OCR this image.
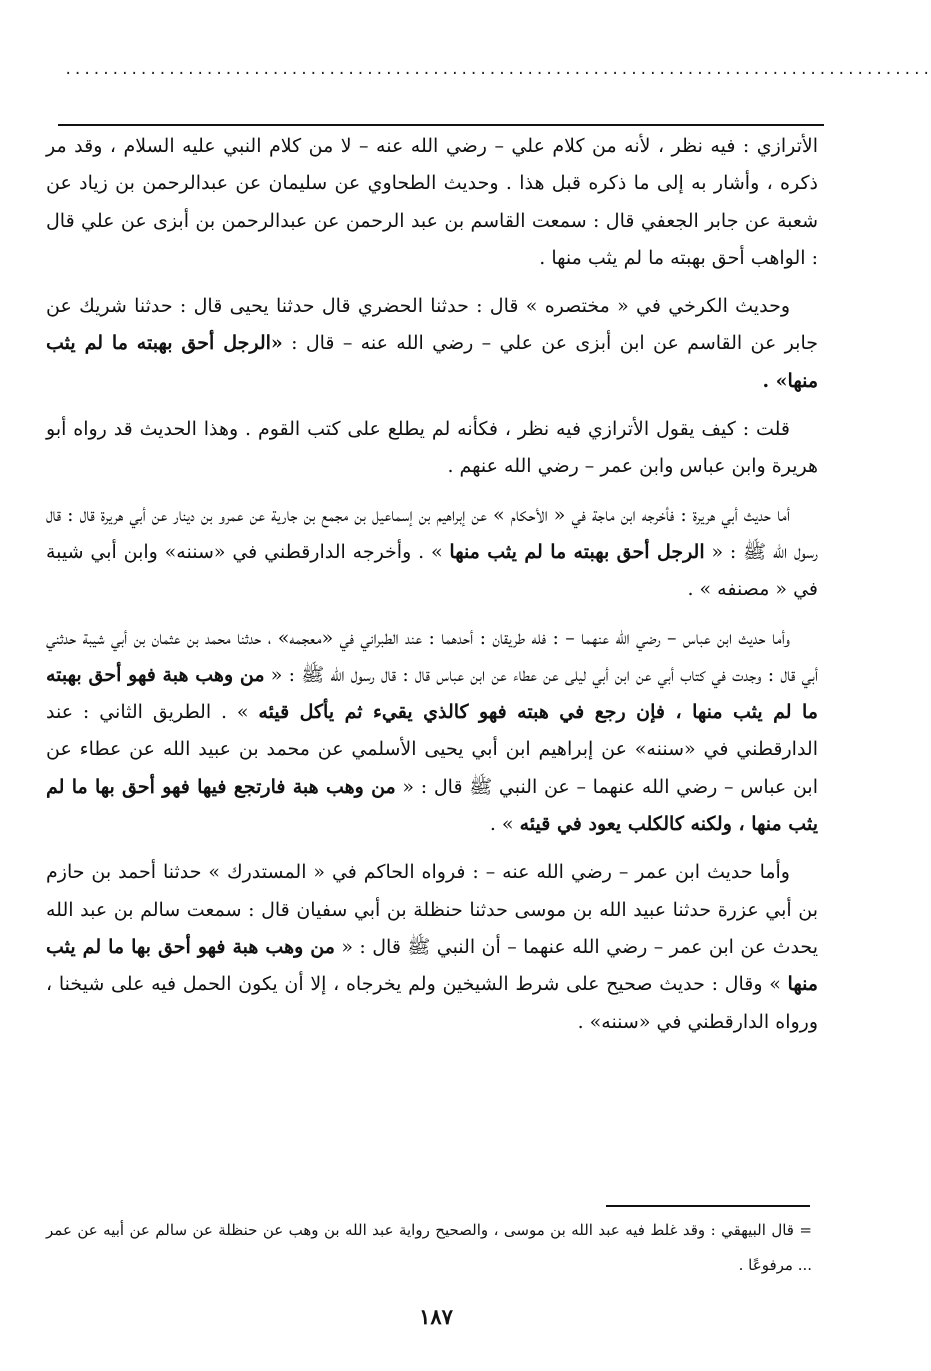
............................................................................................

الأترازي : فيه نظر ، لأنه من كلام علي – رضي الله عنه – لا من كلام النبي عليه السلام ، وقد مر ذكره ، وأشار به إلى ما ذكره قبل هذا . وحديث الطحاوي عن سليمان عن عبدالرحمن بن زياد عن شعبة عن جابر الجعفي قال : سمعت القاسم بن عبد الرحمن عن عبدالرحمن بن أبزى عن علي قال : الواهب أحق بهبته ما لم يثب منها .

وحديث الكرخي في « مختصره » قال : حدثنا الحضري قال حدثنا يحيى قال : حدثنا شريك عن جابر عن القاسم عن ابن أبزى عن علي – رضي الله عنه – قال : «الرجل أحق بهبته ما لم يثب منها» .

قلت : كيف يقول الأترازي فيه نظر ، فكأنه لم يطلع على كتب القوم . وهذا الحديث قد رواه أبو هريرة وابن عباس وابن عمر – رضي الله عنهم .

أما حديث أبي هريرة : فأخرجه ابن ماجة في « الأحكام » عن إبراهيم بن إسماعيل بن مجمع بن جارية عن عمرو بن دينار عن أبي هريرة قال : قال رسول الله ﷺ : « الرجل أحق بهبته ما لم يثب منها » . وأخرجه الدارقطني في «سننه» وابن أبي شيبة في « مصنفه » .

وأما حديث ابن عباس – رضي الله عنهما – : فله طريقان : أحدهما : عند الطبراني في «معجمه» ، حدثنا محمد بن عثمان بن أبي شيبة حدثني أبي قال : وجدت في كتاب أبي عن ابن أبي ليلى عن عطاء عن ابن عباس قال : قال رسول الله ﷺ : « من وهب هبة فهو أحق بهبته ما لم يثب منها ، فإن رجع في هبته فهو كالذي يقيء ثم يأكل قيئه » . الطريق الثاني : عند الدارقطني في «سننه» عن إبراهيم ابن أبي يحيى الأسلمي عن محمد بن عبيد الله عن عطاء عن ابن عباس – رضي الله عنهما – عن النبي ﷺ قال : « من وهب هبة فارتجع فيها فهو أحق بها ما لم يثب منها ، ولكنه كالكلب يعود في قيئه » .

وأما حديث ابن عمر – رضي الله عنه – : فرواه الحاكم في « المستدرك » حدثنا أحمد بن حازم بن أبي عزرة حدثنا عبيد الله بن موسى حدثنا حنظلة بن أبي سفيان قال : سمعت سالم بن عبد الله يحدث عن ابن عمر – رضي الله عنهما – أن النبي ﷺ قال : « من وهب هبة فهو أحق بها ما لم يثب منها » وقال : حديث صحيح على شرط الشيخين ولم يخرجاه ، إلا أن يكون الحمل فيه على شيخنا ، ورواه الدارقطني في «سننه» .

= قال البيهقي : وقد غلط فيه عبد الله بن موسى ، والصحيح رواية عبد الله بن وهب عن حنظلة عن سالم عن أبيه عن عمر ... مرفوعًا .
١٨٧
